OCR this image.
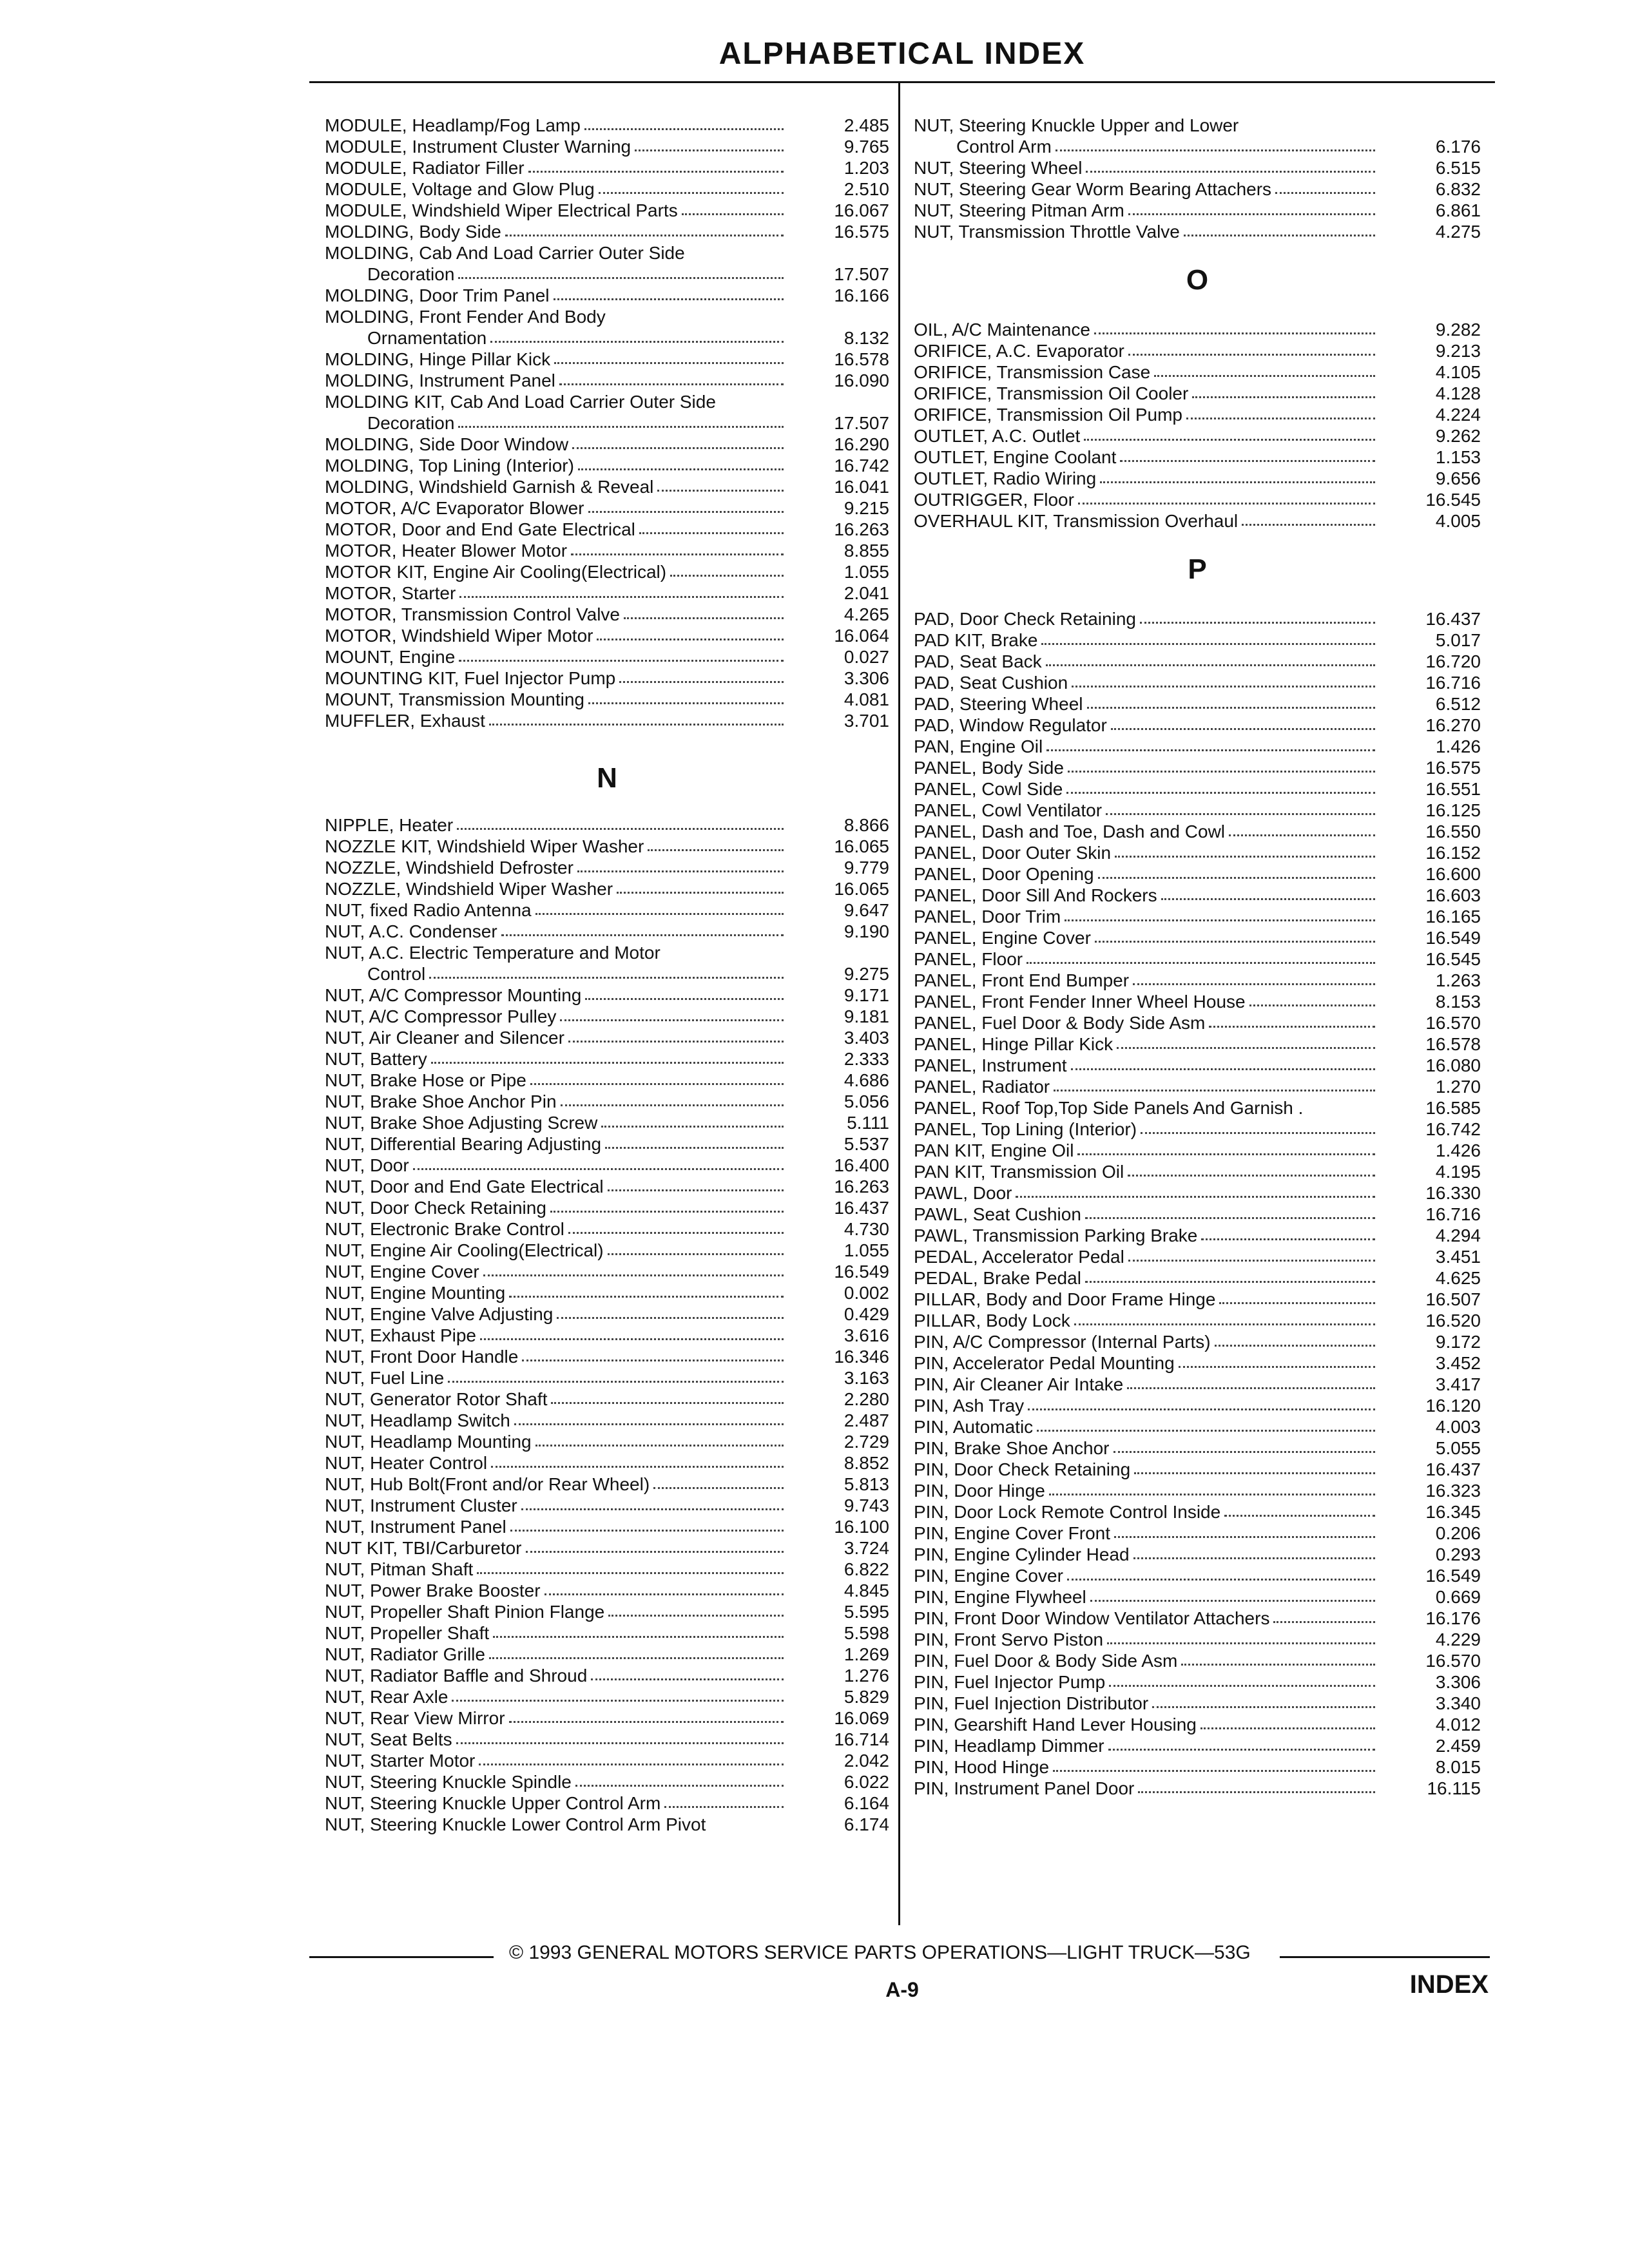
ALPHABETICAL INDEX
MODULE, Headlamp/Fog Lamp	2.485
MODULE, Instrument Cluster Warning	9.765
MODULE, Radiator Filler	1.203
MODULE, Voltage and Glow Plug	2.510
MODULE, Windshield Wiper Electrical Parts	16.067
MOLDING, Body Side	16.575
MOLDING, Cab And Load Carrier Outer Side
Decoration	17.507
MOLDING, Door Trim Panel	16.166
MOLDING, Front Fender And Body
Ornamentation	8.132
MOLDING, Hinge Pillar Kick	16.578
MOLDING, Instrument Panel	16.090
MOLDING KIT, Cab And Load Carrier Outer Side
Decoration	17.507
MOLDING, Side Door Window	16.290
MOLDING, Top Lining (Interior)	16.742
MOLDING, Windshield Garnish & Reveal	16.041
MOTOR, A/C Evaporator Blower	9.215
MOTOR, Door and End Gate Electrical	16.263
MOTOR, Heater Blower Motor	8.855
MOTOR KIT, Engine Air Cooling(Electrical)	1.055
MOTOR, Starter	2.041
MOTOR, Transmission Control Valve	4.265
MOTOR, Windshield Wiper Motor	16.064
MOUNT, Engine	0.027
MOUNTING KIT, Fuel Injector Pump	3.306
MOUNT, Transmission Mounting	4.081
MUFFLER, Exhaust	3.701
N
NIPPLE, Heater	8.866
NOZZLE KIT, Windshield Wiper Washer	16.065
NOZZLE, Windshield Defroster	9.779
NOZZLE, Windshield Wiper Washer	16.065
NUT, fixed Radio Antenna	9.647
NUT, A.C. Condenser	9.190
NUT, A.C. Electric Temperature and Motor
Control	9.275
NUT, A/C Compressor Mounting	9.171
NUT, A/C Compressor Pulley	9.181
NUT, Air Cleaner and Silencer	3.403
NUT, Battery	2.333
NUT, Brake Hose or Pipe	4.686
NUT, Brake Shoe Anchor Pin	5.056
NUT, Brake Shoe Adjusting Screw	5.111
NUT, Differential Bearing Adjusting	5.537
NUT, Door	16.400
NUT, Door and End Gate Electrical	16.263
NUT, Door Check Retaining	16.437
NUT, Electronic Brake Control	4.730
NUT, Engine Air Cooling(Electrical)	1.055
NUT, Engine Cover	16.549
NUT, Engine Mounting	0.002
NUT, Engine Valve Adjusting	0.429
NUT, Exhaust Pipe	3.616
NUT, Front Door Handle	16.346
NUT, Fuel Line	3.163
NUT, Generator Rotor Shaft	2.280
NUT, Headlamp Switch	2.487
NUT, Headlamp Mounting	2.729
NUT, Heater Control	8.852
NUT, Hub Bolt(Front and/or Rear Wheel)	5.813
NUT, Instrument Cluster	9.743
NUT, Instrument Panel	16.100
NUT KIT, TBI/Carburetor	3.724
NUT, Pitman Shaft	6.822
NUT, Power Brake Booster	4.845
NUT, Propeller Shaft Pinion Flange	5.595
NUT, Propeller Shaft	5.598
NUT, Radiator Grille	1.269
NUT, Radiator Baffle and Shroud	1.276
NUT, Rear Axle	5.829
NUT, Rear View Mirror	16.069
NUT, Seat Belts	16.714
NUT, Starter Motor	2.042
NUT, Steering Knuckle Spindle	6.022
NUT, Steering Knuckle Upper Control Arm	6.164
NUT, Steering Knuckle Lower Control Arm Pivot	6.174
NUT, Steering Knuckle Upper and Lower
Control Arm	6.176
NUT, Steering Wheel	6.515
NUT, Steering Gear Worm Bearing Attachers	6.832
NUT, Steering Pitman Arm	6.861
NUT, Transmission Throttle Valve	4.275
O
OIL, A/C Maintenance	9.282
ORIFICE, A.C. Evaporator	9.213
ORIFICE, Transmission Case	4.105
ORIFICE, Transmission Oil Cooler	4.128
ORIFICE, Transmission Oil Pump	4.224
OUTLET, A.C. Outlet	9.262
OUTLET, Engine Coolant	1.153
OUTLET, Radio Wiring	9.656
OUTRIGGER, Floor	16.545
OVERHAUL KIT, Transmission Overhaul	4.005
P
PAD, Door Check Retaining	16.437
PAD KIT, Brake	5.017
PAD, Seat Back	16.720
PAD, Seat Cushion	16.716
PAD, Steering Wheel	6.512
PAD, Window Regulator	16.270
PAN, Engine Oil	1.426
PANEL, Body Side	16.575
PANEL, Cowl Side	16.551
PANEL, Cowl Ventilator	16.125
PANEL, Dash and Toe, Dash and Cowl	16.550
PANEL, Door Outer Skin	16.152
PANEL, Door Opening	16.600
PANEL, Door Sill And Rockers	16.603
PANEL, Door Trim	16.165
PANEL, Engine Cover	16.549
PANEL, Floor	16.545
PANEL, Front End Bumper	1.263
PANEL, Front Fender Inner Wheel House	8.153
PANEL, Fuel Door & Body Side Asm	16.570
PANEL, Hinge Pillar Kick	16.578
PANEL, Instrument	16.080
PANEL, Radiator	1.270
PANEL, Roof Top,Top Side Panels And Garnish .	16.585
PANEL, Top Lining (Interior)	16.742
PAN KIT, Engine Oil	1.426
PAN KIT, Transmission Oil	4.195
PAWL, Door	16.330
PAWL, Seat Cushion	16.716
PAWL, Transmission Parking Brake	4.294
PEDAL, Accelerator Pedal	3.451
PEDAL, Brake Pedal	4.625
PILLAR, Body and Door Frame Hinge	16.507
PILLAR, Body Lock	16.520
PIN, A/C Compressor (Internal Parts)	9.172
PIN, Accelerator Pedal Mounting	3.452
PIN, Air Cleaner Air Intake	3.417
PIN, Ash Tray	16.120
PIN, Automatic	4.003
PIN, Brake Shoe Anchor	5.055
PIN, Door Check Retaining	16.437
PIN, Door Hinge	16.323
PIN, Door Lock Remote Control Inside	16.345
PIN, Engine Cover Front	0.206
PIN, Engine Cylinder Head	0.293
PIN, Engine Cover	16.549
PIN, Engine Flywheel	0.669
PIN, Front Door Window Ventilator Attachers	16.176
PIN, Front Servo Piston	4.229
PIN, Fuel Door & Body Side Asm	16.570
PIN, Fuel Injector Pump	3.306
PIN, Fuel Injection Distributor	3.340
PIN, Gearshift Hand Lever Housing	4.012
PIN, Headlamp Dimmer	2.459
PIN, Hood Hinge	8.015
PIN, Instrument Panel Door	16.115
© 1993 GENERAL MOTORS SERVICE PARTS OPERATIONS—LIGHT TRUCK—53G
A-9	INDEX
